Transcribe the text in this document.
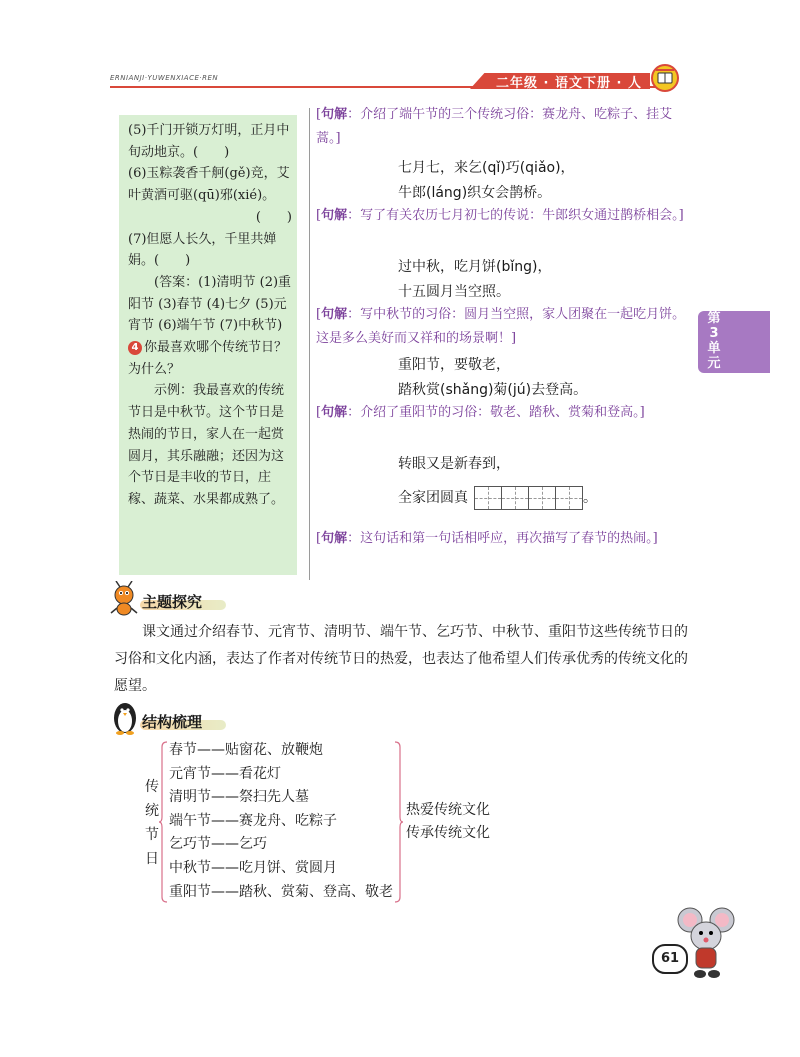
ERNIANJI·YUWENXIACE·REN	二年级 · 语文下册 · 人

(5)千门开锁万灯明，正月中旬动地京。(　　)

(6)玉粽袭香千舸(gě)竞，艾叶黄酒可驱(qū)邪(xié)。

(　　)

(7)但愿人长久，千里共婵娟。(　　)

(答案：(1)清明节 (2)重阳节 (3)春节 (4)七夕 (5)元宵节 (6)端午节 (7)中秋节)

4 你最喜欢哪个传统节日？为什么？

示例：我最喜欢的传统节日是中秋节。这个节日是热闹的节日，家人在一起赏圆月，其乐融融；还因为这个节日是丰收的节日，庄稼、蔬菜、水果都成熟了。

[句解：介绍了端午节的三个传统习俗：赛龙舟、吃粽子、挂艾蒿。]
七月七，来乞(qǐ)巧(qiǎo)，
牛郎(láng)织女会鹊桥。
[句解：写了有关农历七月初七的传说：牛郎织女通过鹊桥相会。]
过中秋，吃月饼(bǐng)，
十五圆月当空照。
[句解：写中秋节的习俗：圆月当空照，家人团聚在一起吃月饼。这是多么美好而又祥和的场景啊！]
重阳节，要敬老，
踏秋赏(shǎng)菊(jú)去登高。
[句解：介绍了重阳节的习俗：敬老、踏秋、赏菊和登高。]
转眼又是新春到，
全家团圆真	。
[句解：这句话和第一句话相呼应，再次描写了春节的热闹。]
第
3
单
元
主题探究
课文通过介绍春节、元宵节、清明节、端午节、乞巧节、中秋节、重阳节这些传统节日的习俗和文化内涵，表达了作者对传统节日的热爱，也表达了他希望人们传承优秀的传统文化的愿望。
结构梳理
传
统
节
日
春节——贴窗花、放鞭炮
元宵节——看花灯
清明节——祭扫先人墓
端午节——赛龙舟、吃粽子
乞巧节——乞巧
中秋节——吃月饼、赏圆月
重阳节——踏秋、赏菊、登高、敬老
热爱传统文化
传承传统文化
61
